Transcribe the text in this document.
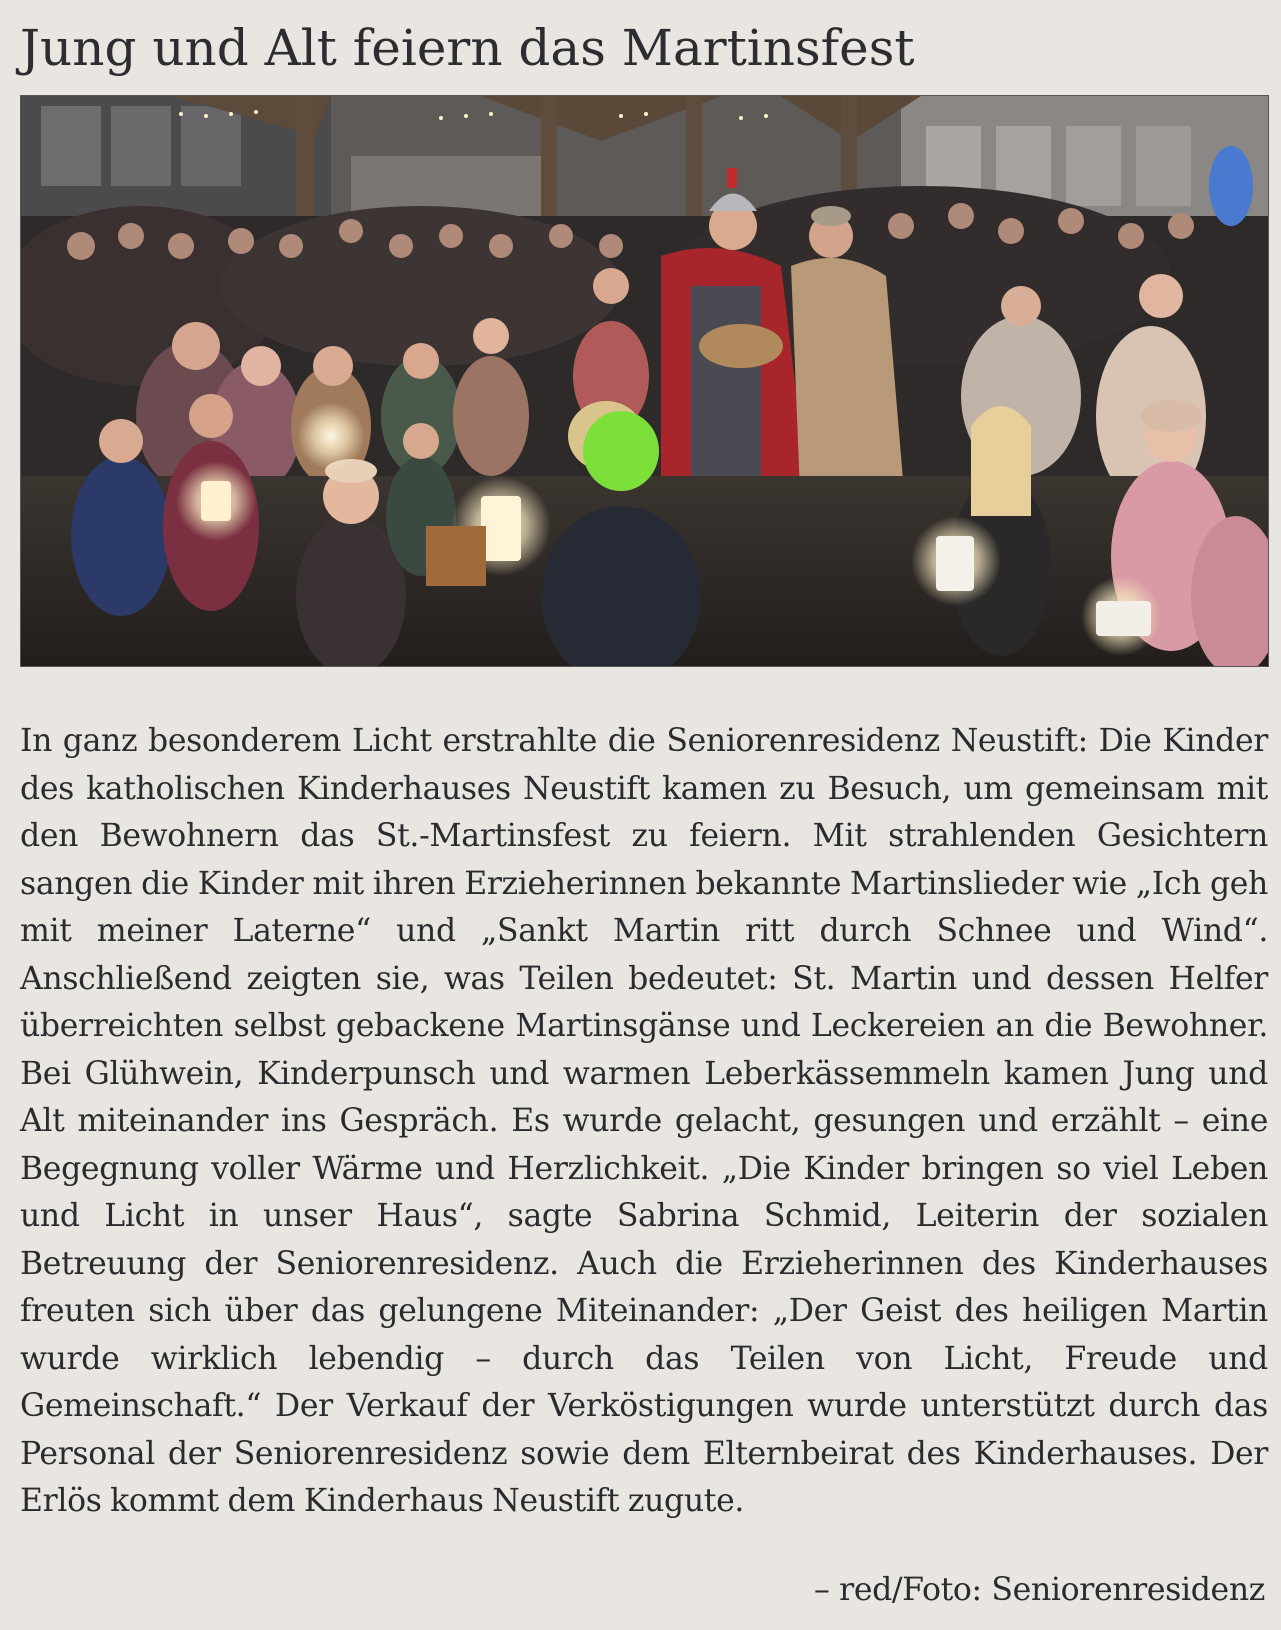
Jung und Alt feiern das Martinsfest

In ganz besonderem Licht erstrahlte die Seniorenresidenz Neustift: Die Kinder des katholischen Kinderhauses Neustift kamen zu Besuch, um gemeinsam mit den Bewohnern das St.-Martinsfest zu feiern. Mit strahlenden Gesichtern sangen die Kinder mit ihren Erzieherinnen bekannte Martinslieder wie „Ich geh mit meiner Laterne“ und „Sankt Martin ritt durch Schnee und Wind“. Anschließend zeigten sie, was Teilen bedeutet: St. Martin und dessen Helfer überreichten selbst gebackene Martinsgänse und Leckereien an die Bewohner. Bei Glühwein, Kinderpunsch und warmen Leberkässemmeln kamen Jung und Alt miteinander ins Gespräch. Es wurde gelacht, gesungen und erzählt – eine Begegnung voller Wärme und Herzlichkeit. „Die Kinder bringen so viel Leben und Licht in unser Haus“, sagte Sabrina Schmid, Leiterin der sozialen Betreuung der Seniorenresidenz. Auch die Erzieherinnen des Kinderhauses freuten sich über das gelungene Miteinander: „Der Geist des heiligen Martin wurde wirklich lebendig – durch das Teilen von Licht, Freude und Gemeinschaft.“ Der Verkauf der Verköstigungen wurde unterstützt durch das Personal der Seniorenresidenz sowie dem Elternbeirat des Kinderhauses. Der Erlös kommt dem Kinderhaus Neustift zugute.

– red/Foto: Seniorenresidenz
